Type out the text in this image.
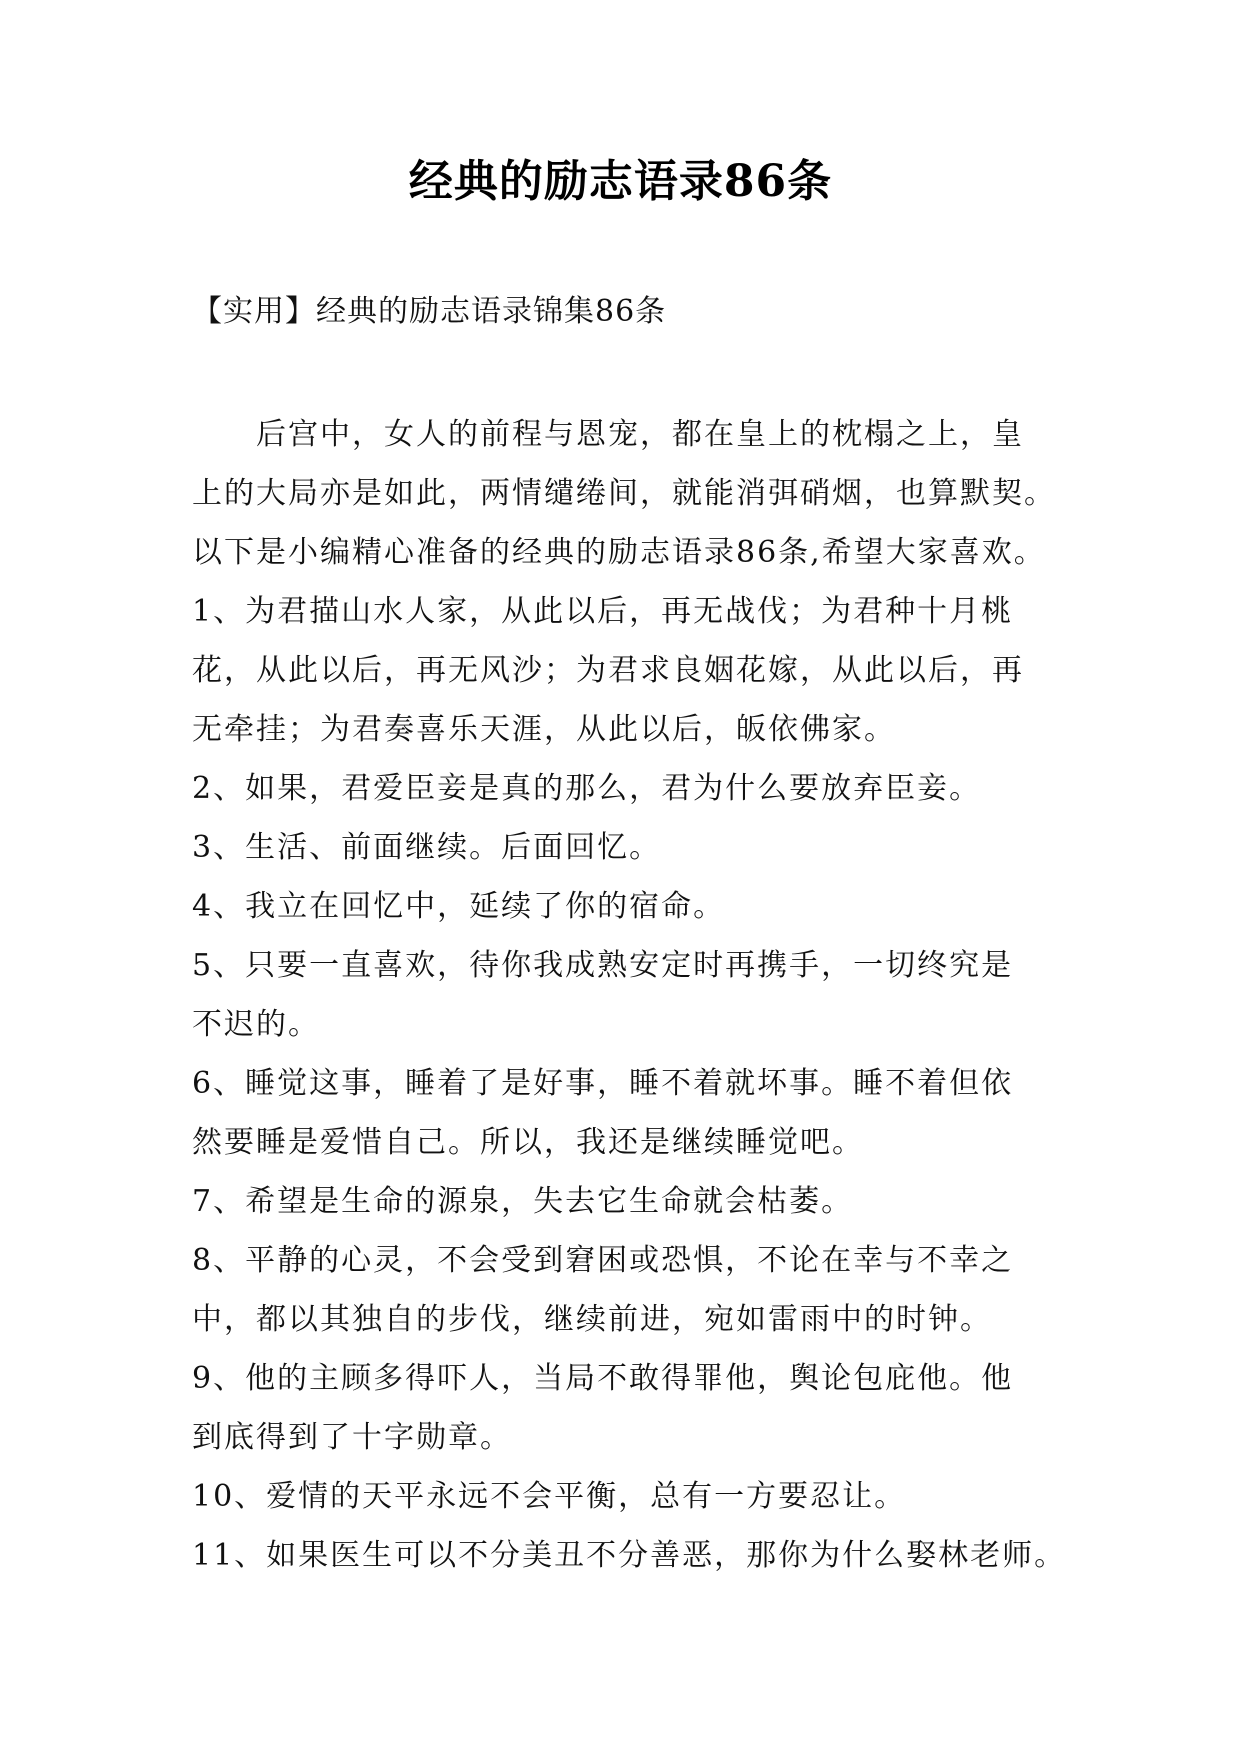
经典的励志语录86条
【实用】经典的励志语录锦集86条
后宫中，女人的前程与恩宠，都在皇上的枕榻之上，皇
上的大局亦是如此，两情缱绻间，就能消弭硝烟，也算默契。
以下是小编精心准备的经典的励志语录86条,希望大家喜欢。
1、为君描山水人家，从此以后，再无战伐；为君种十月桃
花，从此以后，再无风沙；为君求良姻花嫁，从此以后，再
无牵挂；为君奏喜乐天涯，从此以后，皈依佛家。
2、如果，君爱臣妾是真的那么，君为什么要放弃臣妾。
3、生活、前面继续。后面回忆。
4、我立在回忆中，延续了你的宿命。
5、只要一直喜欢，待你我成熟安定时再携手，一切终究是
不迟的。
6、睡觉这事，睡着了是好事，睡不着就坏事。睡不着但依
然要睡是爱惜自己。所以，我还是继续睡觉吧。
7、希望是生命的源泉，失去它生命就会枯萎。
8、平静的心灵，不会受到窘困或恐惧，不论在幸与不幸之
中，都以其独自的步伐，继续前进，宛如雷雨中的时钟。
9、他的主顾多得吓人，当局不敢得罪他，舆论包庇他。他
到底得到了十字勋章。
10、爱情的天平永远不会平衡，总有一方要忍让。
11、如果医生可以不分美丑不分善恶，那你为什么娶林老师。
